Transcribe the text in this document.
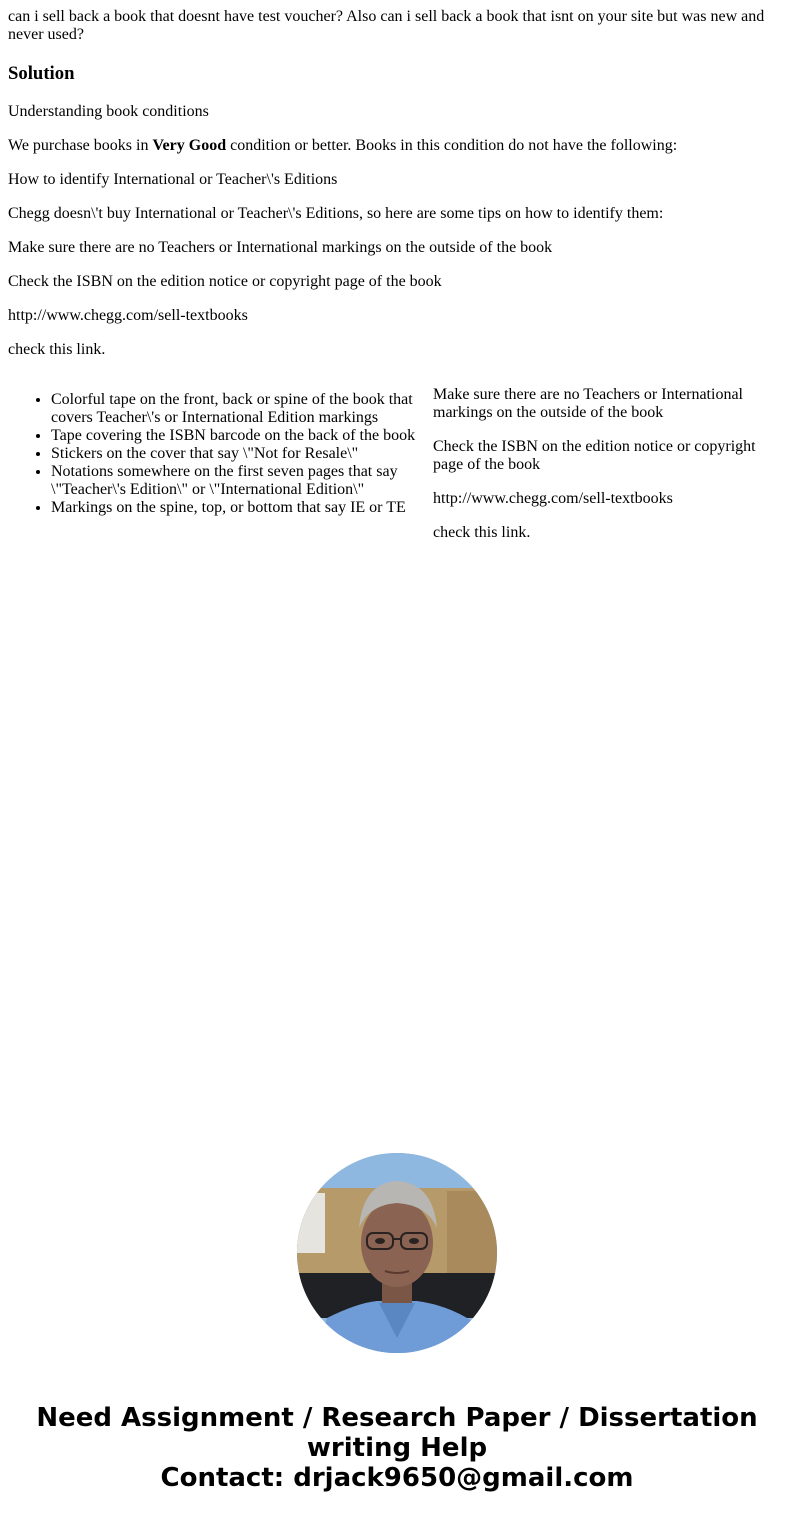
can i sell back a book that doesnt have test voucher? Also can i sell back a book that isnt on your site but was new and never used?

Solution

Understanding book conditions

We purchase books in Very Good condition or better. Books in this condition do not have the following:

How to identify International or Teacher\'s Editions

Chegg doesn\'t buy International or Teacher\'s Editions, so here are some tips on how to identify them:

Make sure there are no Teachers or International markings on the outside of the book

Check the ISBN on the edition notice or copyright page of the book

http://www.chegg.com/sell-textbooks

check this link.

• Colorful tape on the front, back or spine of the book that covers Teacher\'s or International Edition markings
• Tape covering the ISBN barcode on the back of the book
• Stickers on the cover that say \"Not for Resale\"
• Notations somewhere on the first seven pages that say \"Teacher\'s Edition\" or \"International Edition\"
• Markings on the spine, top, or bottom that say IE or TE

Make sure there are no Teachers or International markings on the outside of the book

Check the ISBN on the edition notice or copyright page of the book

http://www.chegg.com/sell-textbooks

check this link.

Need Assignment / Research Paper / Dissertation
writing Help
Contact: drjack9650@gmail.com
